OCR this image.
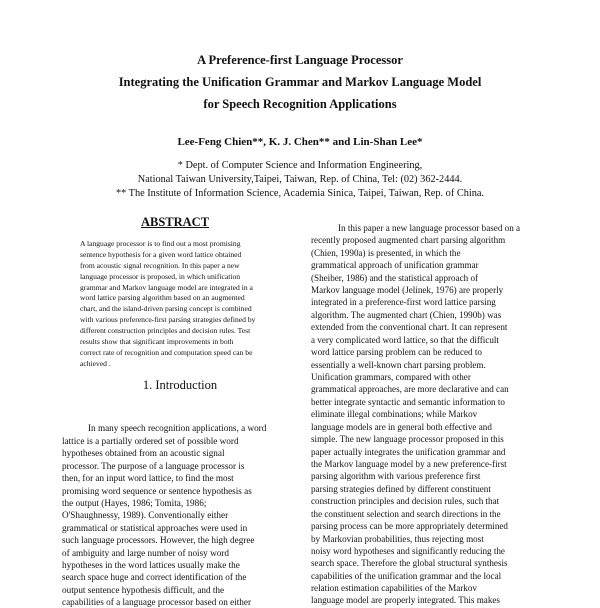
A Preference-first Language Processor
Integrating the Unification Grammar and Markov Language Model
for Speech Recognition Applications
Lee-Feng Chien**, K. J. Chen** and Lin-Shan Lee*
* Dept. of Computer Science and Information Engineering,
National Taiwan University,Taipei, Taiwan, Rep. of China, Tel: (02) 362-2444.
** The Institute of Information Science, Academia Sinica, Taipei, Taiwan, Rep. of China.
ABSTRACT
A language processor is to find out a most promising
sentence hypothesis for a given word lattice obtained
from acoustic signal recognition. In this paper a new
language processor is proposed, in which unification
grammar and Markov language model are integrated in a
word lattice parsing algorithm based on an augmented
chart, and the island-driven parsing concept is combined
with various preference-first parsing strategies defined by
different construction principles and decision rules. Test
results show that significant improvements in both
correct rate of recognition and computation speed can be
achieved .
1. Introduction
In many speech recognition applications, a word
lattice is a partially ordered set of possible word
hypotheses obtained from an acoustic signal
processor. The purpose of a language processor is
then, for an input word lattice, to find the most
promising word sequence or sentence hypothesis as
the output (Hayes, 1986; Tomita, 1986;
O'Shaughnessy, 1989). Conventionally either
grammatical or statistical approaches were used in
such language processors. However, the high degree
of ambiguity and large number of noisy word
hypotheses in the word lattices usually make the
search space huge and correct identification of the
output sentence hypothesis difficult, and the
capabilities of a language processor based on either
In this paper a new language processor based on a
recently proposed augmented chart parsing algorithm
(Chien, 1990a) is presented, in which the
grammatical approach of unification grammar
(Sheiber, 1986) and the statistical approach of
Markov language model (Jelinek, 1976) are properly
integrated in a preference-first word lattice parsing
algorithm. The augmented chart (Chien, 1990b) was
extended from the conventional chart. It can represent
a very complicated word lattice, so that the difficult
word lattice parsing problem can be reduced to
essentially a well-known chart parsing problem.
Unification grammars, compared with other
grammatical approaches, are more declarative and can
better integrate syntactic and semantic information to
eliminate illegal combinations; while Markov
language models are in general both effective and
simple. The new language processor proposed in this
paper actually integrates the unification grammar and
the Markov language model by a new preference-first
parsing algorithm with various preference first
parsing strategies defined by different constituent
construction principles and decision rules, such that
the constituent selection and search directions in the
parsing process can be more appropriately determined
by Markovian probabilities, thus rejecting most
noisy word hypotheses and significantly reducing the
search space. Therefore the global structural synthesis
capabilities of the unification grammar and the local
relation estimation capabilities of the Markov
language model are properly integrated. This makes
